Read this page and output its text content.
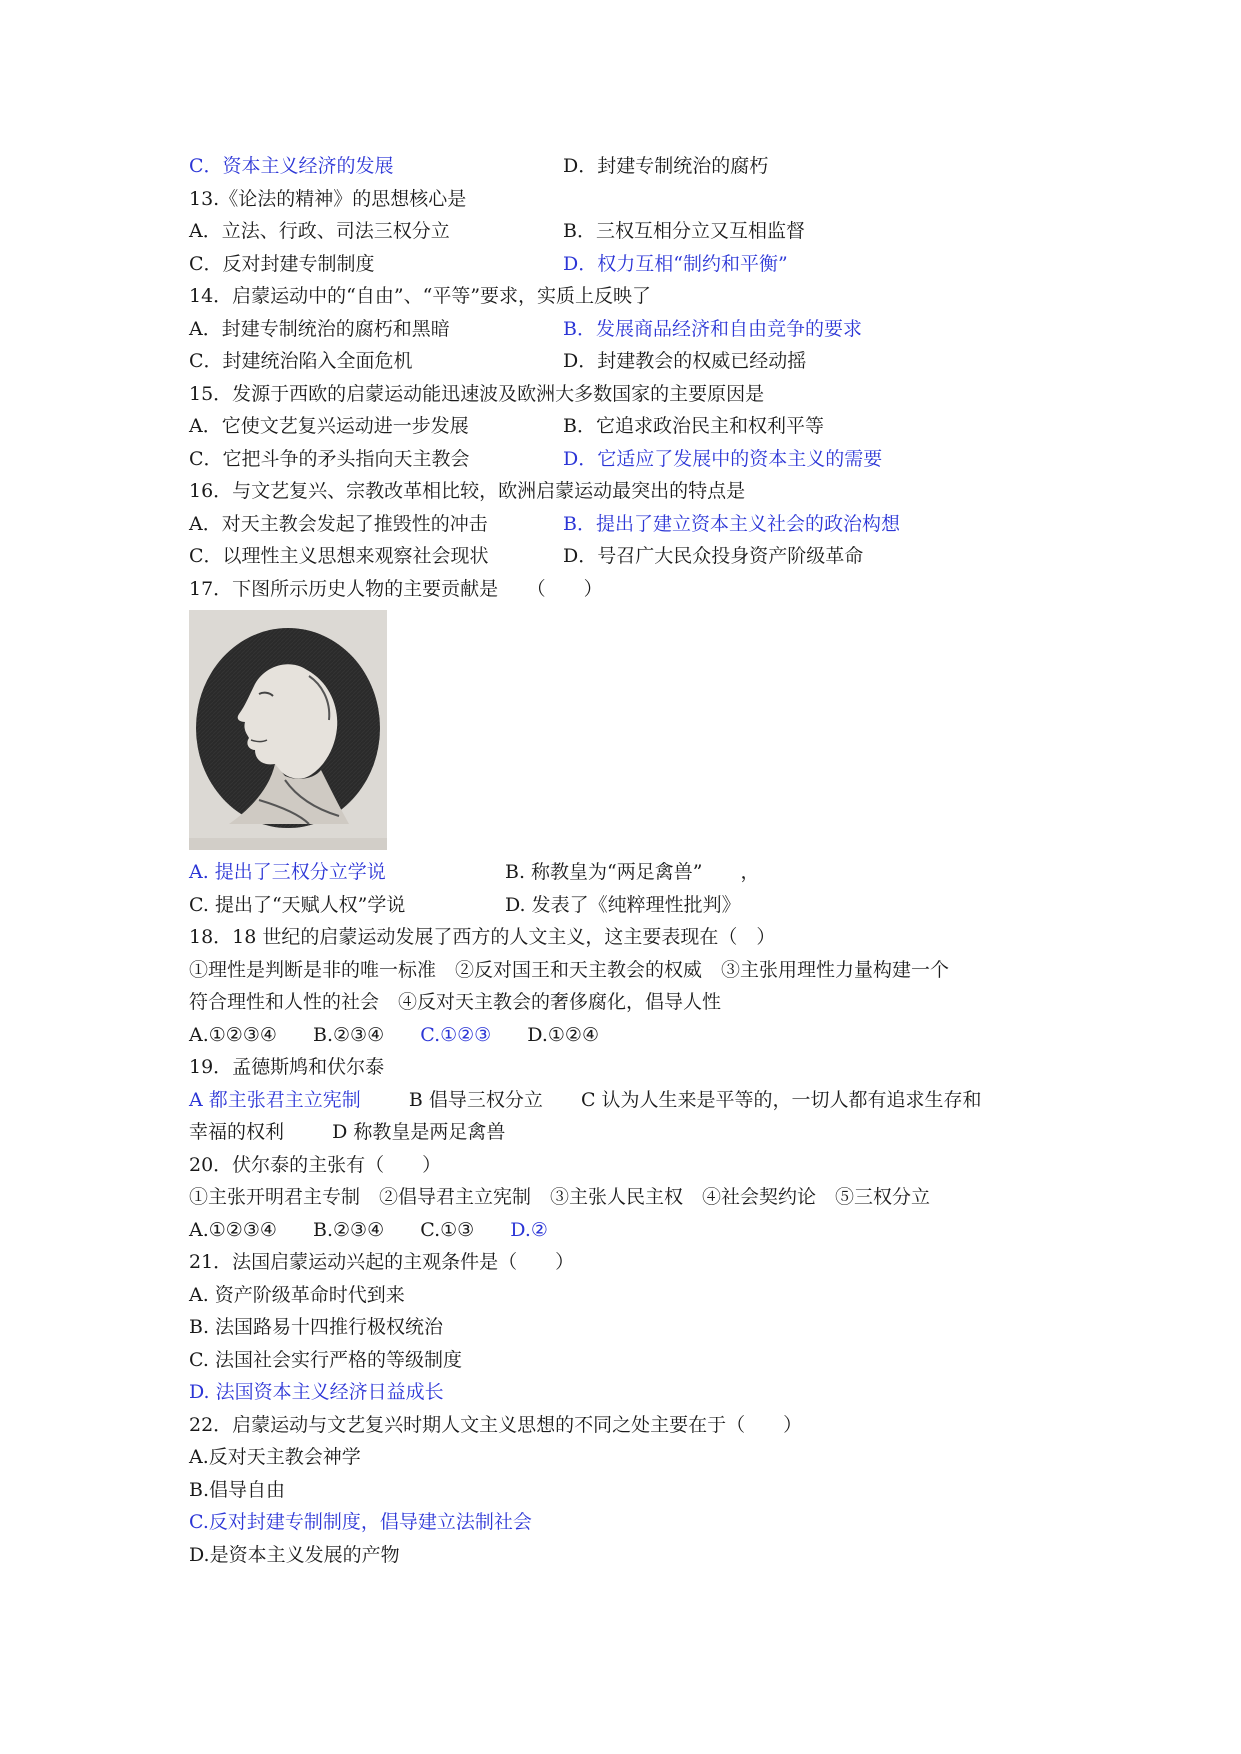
C．资本主义经济的发展	D．封建专制统治的腐朽
13.《论法的精神》的思想核心是
A．立法、行政、司法三权分立	B．三权互相分立又互相监督
C．反对封建专制制度	D．权力互相“制约和平衡”
14．启蒙运动中的“自由”、“平等”要求，实质上反映了
A．封建专制统治的腐朽和黑暗	B．发展商品经济和自由竞争的要求
C．封建统治陷入全面危机	D．封建教会的权威已经动摇
15．发源于西欧的启蒙运动能迅速波及欧洲大多数国家的主要原因是
A．它使文艺复兴运动进一步发展	B．它追求政治民主和权利平等
C．它把斗争的矛头指向天主教会	D．它适应了发展中的资本主义的需要
16．与文艺复兴、宗教改革相比较，欧洲启蒙运动最突出的特点是
A．对天主教会发起了推毁性的冲击	B．提出了建立资本主义社会的政治构想
C．以理性主义思想来观察社会现状	D．号召广大民众投身资产阶级革命
17．下图所示历史人物的主要贡献是　　（　　）
A. 提出了三权分立学说	B. 称教皇为“两足禽兽”　　，
C. 提出了“天赋人权”学说	D. 发表了《纯粹理性批判》
18．18 世纪的启蒙运动发展了西方的人文主义，这主要表现在（　）
①理性是判断是非的唯一标准　②反对国王和天主教会的权威　③主张用理性力量构建一个
符合理性和人性的社会　④反对天主教会的奢侈腐化，倡导人性
A.①②③④ B.②③④ C.①②③ D.①②④
19．孟德斯鸠和伏尔泰
A 都主张君主立宪制	B 倡导三权分立 C 认为人生来是平等的，一切人都有追求生存和
幸福的权利	D 称教皇是两足禽兽
20．伏尔泰的主张有（　　）
①主张开明君主专制　②倡导君主立宪制　③主张人民主权　④社会契约论　⑤三权分立
A.①②③④ B.②③④ C.①③ D.②
21．法国启蒙运动兴起的主观条件是（　　）
A. 资产阶级革命时代到来
B. 法国路易十四推行极权统治
C. 法国社会实行严格的等级制度
D. 法国资本主义经济日益成长
22．启蒙运动与文艺复兴时期人文主义思想的不同之处主要在于（　　）
A.反对天主教会神学
B.倡导自由
C.反对封建专制制度，倡导建立法制社会
D.是资本主义发展的产物
